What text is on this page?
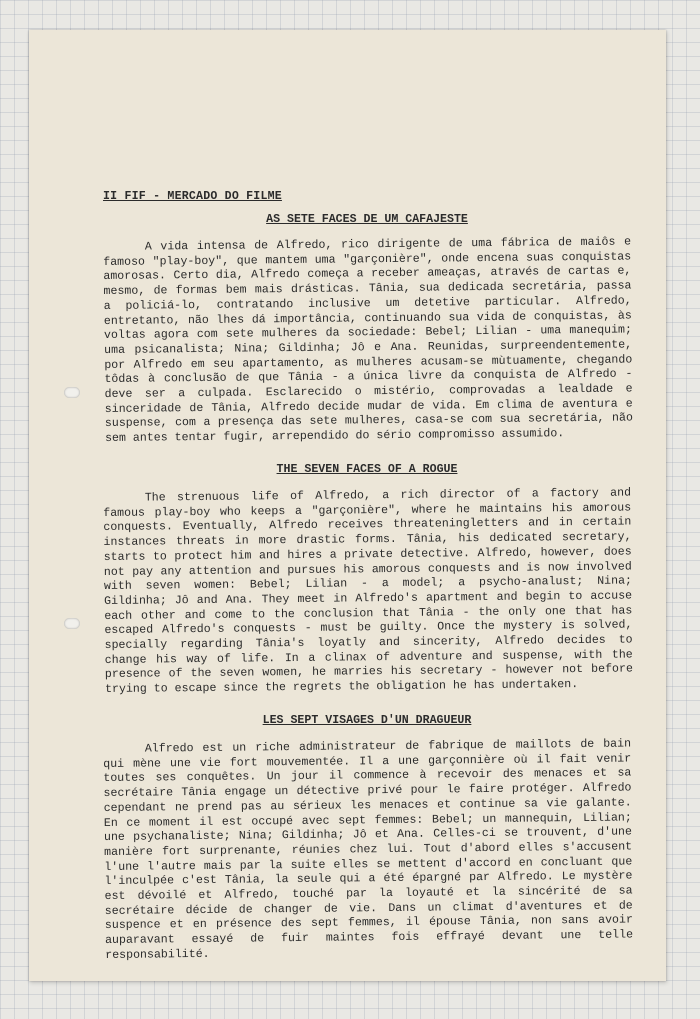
II FIF - MERCADO DO FILME
AS SETE FACES DE UM CAFAJESTE

A vida intensa de Alfredo, rico dirigente de uma fábrica de maiôs e famoso "play-boy", que mantem uma "garçonière", onde encena suas conquistas amorosas. Certo dia, Alfredo começa a receber ameaças, através de cartas e, mesmo, de formas bem mais drásticas. Tânia, sua dedicada secretária, passa a policiá-lo, contratando inclusive um detetive particular. Alfredo, entretanto, não lhes dá importância, continuando sua vida de conquistas, às voltas agora com sete mulheres da sociedade: Bebel; Lilian - uma manequim; uma psicanalista; Nina; Gildinha; Jô e Ana. Reunidas, surpreendentemente, por Alfredo em seu apartamento, as mulheres acusam-se mùtuamente, chegando tôdas à conclusão de que Tânia - a única livre da conquista de Alfredo - deve ser a culpada. Esclarecido o mistério, comprovadas a lealdade e sinceridade de Tânia, Alfredo decide mudar de vida. Em clima de aventura e suspense, com a presença das sete mulheres, casa-se com sua secretária, não sem antes tentar fugir, arrependido do sério compromisso assumido.

THE SEVEN FACES OF A ROGUE

The strenuous life of Alfredo, a rich director of a factory and famous play-boy who keeps a "garçonière", where he maintains his amorous conquests. Eventually, Alfredo receives threateningletters and in certain instances threats in more drastic forms. Tânia, his dedicated secretary, starts to protect him and hires a private detective. Alfredo, however, does not pay any attention and pursues his amorous conquests and is now involved with seven women: Bebel; Lilian - a model; a psycho-analust; Nina; Gildinha; Jô and Ana. They meet in Alfredo's apartment and begin to accuse each other and come to the conclusion that Tânia - the only one that has escaped Alfredo's conquests - must be guilty. Once the mystery is solved, specially regarding Tânia's loyatly and sincerity, Alfredo decides to change his way of life. In a clinax of adventure and suspense, with the presence of the seven women, he marries his secretary - however not before trying to escape since the regrets the obligation he has undertaken.

LES SEPT VISAGES D'UN DRAGUEUR

Alfredo est un riche administrateur de fabrique de maillots de bain qui mène une vie fort mouvementée. Il a une garçonnière où il fait venir toutes ses conquêtes. Un jour il commence à recevoir des menaces et sa secrétaire Tânia engage un détective privé pour le faire protéger. Alfredo cependant ne prend pas au sérieux les menaces et continue sa vie galante. En ce moment il est occupé avec sept femmes: Bebel; un mannequin, Lilian; une psychanaliste; Nina; Gildinha; Jô et Ana. Celles-ci se trouvent, d'une manière fort surprenante, réunies chez lui. Tout d'abord elles s'accusent l'une l'autre mais par la suite elles se mettent d'accord en concluant que l'inculpée c'est Tânia, la seule qui a été épargné par Alfredo. Le mystère est dévoilé et Alfredo, touché par la loyauté et la sincérité de sa secrétaire décide de changer de vie. Dans un climat d'aventures et de suspence et en présence des sept femmes, il épouse Tânia, non sans avoir auparavant essayé de fuir maintes fois effrayé devant une telle responsabilité.
